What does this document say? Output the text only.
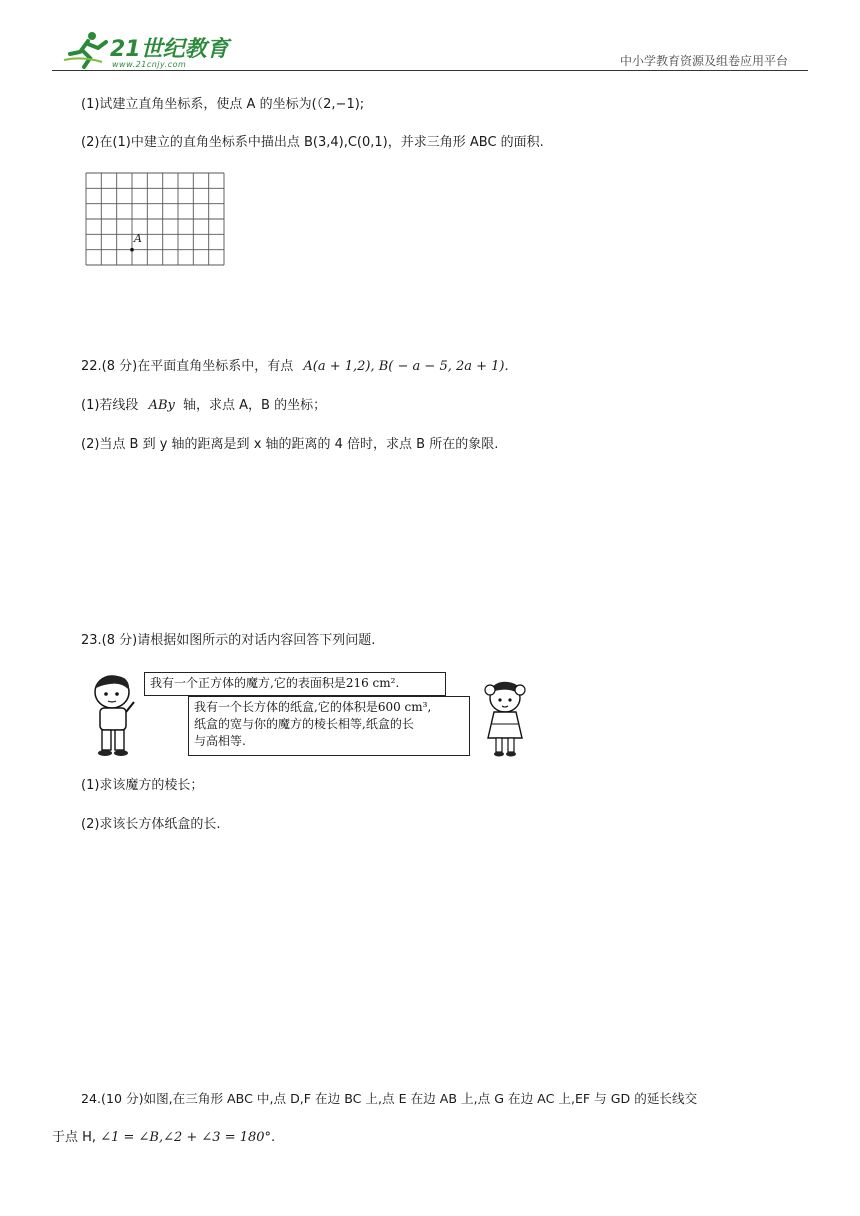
21世纪教育
www.21cnjy.com	中小学教育资源及组卷应用平台
(1)试建立直角坐标系，使点 A 的坐标为(（2,−1);
(2)在(1)中建立的直角坐标系中描出点 B(3,4),C(0,1)，并求三角形 ABC 的面积.
A
22.(8 分)在平面直角坐标系中，有点 A(a + 1,2), B( − a − 5, 2a + 1).
(1)若线段 ABy 轴，求点 A，B 的坐标；
(2)当点 B 到 y 轴的距离是到 x 轴的距离的 4 倍时，求点 B 所在的象限.
23.(8 分)请根据如图所示的对话内容回答下列问题.
我有一个正方体的魔方,它的表面积是216 cm².
我有一个长方体的纸盒,它的体积是600 cm³,
纸盒的宽与你的魔方的棱长相等,纸盒的长
与高相等.
(1)求该魔方的棱长；
(2)求该长方体纸盒的长.
24.(10 分)如图,在三角形 ABC 中,点 D,F 在边 BC 上,点 E 在边 AB 上,点 G 在边 AC 上,EF 与 GD 的延长线交
于点 H, ∠1 = ∠B,∠2 + ∠3 = 180°.
